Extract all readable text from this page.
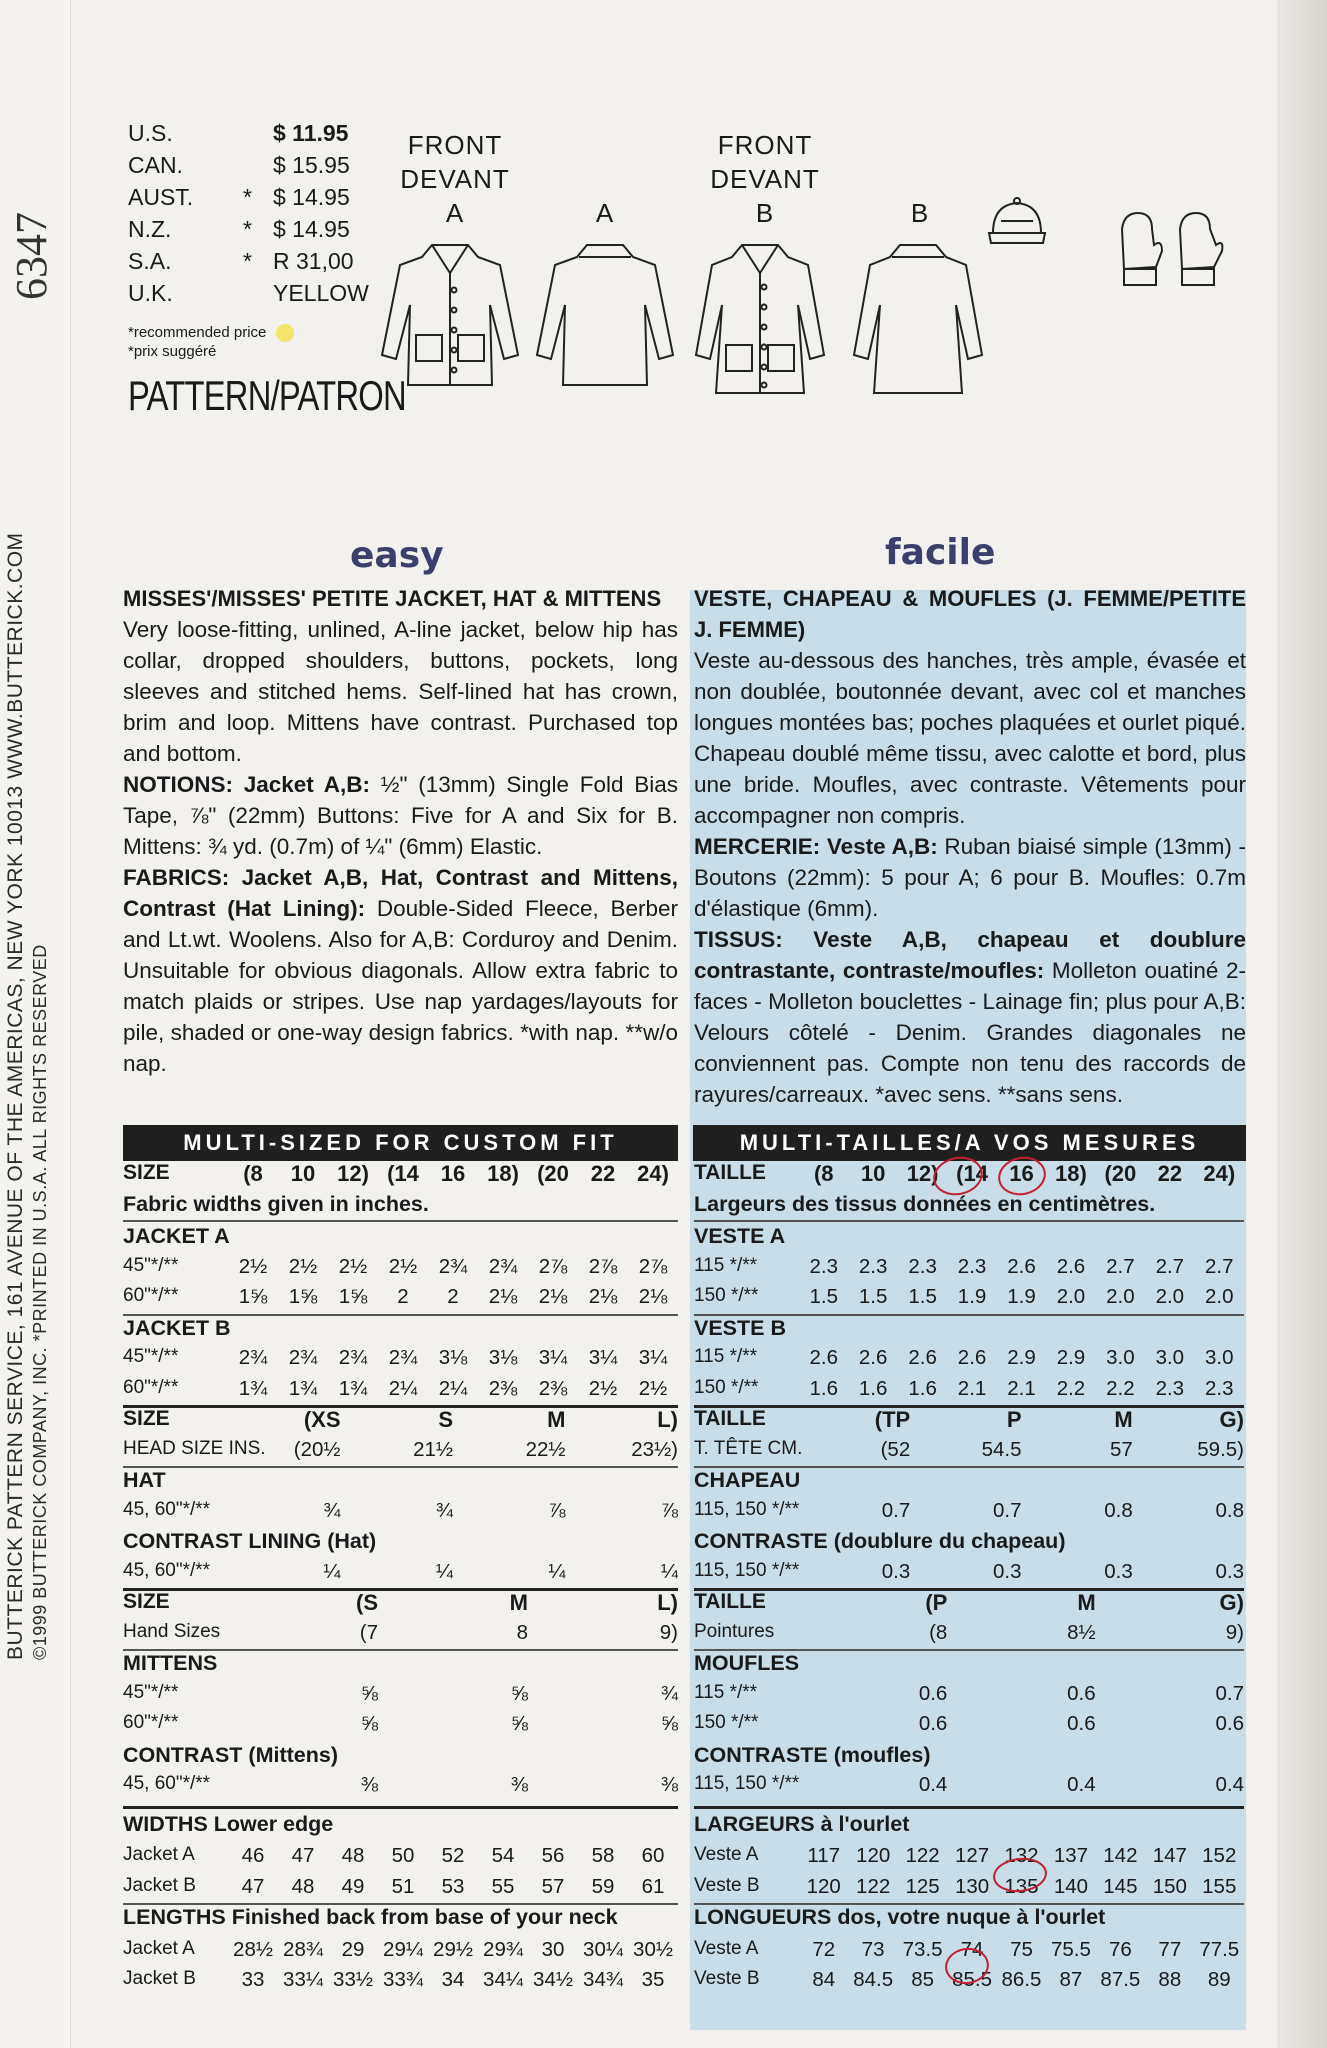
6347
BUTTERICK PATTERN SERVICE, 161 AVENUE OF THE AMERICAS, NEW YORK 10013 WWW.BUTTERICK.COM ©1999 BUTTERICK COMPANY, INC. *PRINTED IN U.S.A. ALL RIGHTS RESERVED
U.S.	$ 11.95
CAN.	$ 15.95
AUST.	* $ 14.95
N.Z.	* $ 14.95
S.A.	* R 31,00
U.K.	YELLOW
*recommended price
*prix suggéré
PATTERN/PATRON
FRONT
DEVANT
A	A
FRONT
DEVANT
B	B
easy	facile
MISSES'/MISSES' PETITE JACKET, HAT & MITTENS
Very loose-fitting, unlined, A-line jacket, below hip has collar, dropped shoulders, buttons, pockets, long sleeves and stitched hems. Self-lined hat has crown, brim and loop. Mittens have contrast. Purchased top and bottom.
NOTIONS: Jacket A,B: ½" (13mm) Single Fold Bias Tape, ⅞" (22mm) Buttons: Five for A and Six for B. Mittens: ¾ yd. (0.7m) of ¼" (6mm) Elastic.
FABRICS: Jacket A,B, Hat, Contrast and Mittens, Contrast (Hat Lining): Double-Sided Fleece, Berber and Lt.wt. Woolens. Also for A,B: Corduroy and Denim. Unsuitable for obvious diagonals. Allow extra fabric to match plaids or stripes. Use nap yardages/layouts for pile, shaded or one-way design fabrics. *with nap. **w/o nap.
VESTE, CHAPEAU & MOUFLES (J. FEMME/PETITE J. FEMME)
Veste au-dessous des hanches, très ample, évasée et non doublée, boutonnée devant, avec col et manches longues montées bas; poches plaquées et ourlet piqué. Chapeau doublé même tissu, avec calotte et bord, plus une bride. Moufles, avec contraste. Vêtements pour accompagner non compris.
MERCERIE: Veste A,B: Ruban biaisé simple (13mm) - Boutons (22mm): 5 pour A; 6 pour B. Moufles: 0.7m d'élastique (6mm).
TISSUS: Veste A,B, chapeau et doublure contrastante, contraste/moufles: Molleton ouatiné 2-faces - Molleton bouclettes - Lainage fin; plus pour A,B: Velours côtelé - Denim. Grandes diagonales ne conviennent pas. Compte non tenu des raccords de rayures/carreaux. *avec sens. **sans sens.
MULTI-SIZED FOR CUSTOM FIT	MULTI-TAILLES/A VOS MESURES
SIZE	(8	10 12) (14 16 18) (20 22 24)
Fabric widths given in inches.
JACKET A
45"*/**	2½	2½	2½	2½	2¾	2¾	2⅞	2⅞	2⅞
60"*/**	1⅝	1⅝	1⅝	2	2	2⅛	2⅛	2⅛	2⅛
JACKET B
45"*/**	2¾	2¾	2¾	2¾	3⅛	3⅛	3¼	3¼	3¼
60"*/**	1¾	1¾	1¾	2¼	2¼	2⅜	2⅜	2½	2½
SIZE	(XS	S	M	L)
HEAD SIZE INS.	(20½	21½	22½	23½)
HAT
45, 60"*/**	¾	¾	⅞	⅞
CONTRAST LINING (Hat)
45, 60"*/**	¼	¼	¼	¼
SIZE	(S	M	L)
Hand Sizes	(7	8	9)
MITTENS
45"*/**	⅝	⅝	¾
60"*/**	⅝	⅝	⅝
CONTRAST (Mittens)
45, 60"*/**	⅜	⅜	⅜
WIDTHS Lower edge
Jacket A	46	47	48	50	52	54	56	58	60
Jacket B	47	48	49	51	53	55	57	59	61
LENGTHS Finished back from base of your neck
Jacket A 28½ 28¾ 29 29¼ 29½ 29¾ 30 30¼ 30½
Jacket B	33 33¼ 33½ 33¾ 34 34¼ 34½ 34¾ 35
TAILLE	(8	10 12) (14 16 18) (20 22 24)
Largeurs des tissus données en centimètres.
VESTE A
115 */**	2.3	2.3	2.3	2.3	2.6	2.6	2.7	2.7	2.7
150 */**	1.5	1.5	1.5	1.9	1.9	2.0	2.0	2.0	2.0
VESTE B
115 */**	2.6	2.6	2.6	2.6	2.9	2.9	3.0	3.0	3.0
150 */**	1.6	1.6	1.6	2.1	2.1	2.2	2.2	2.3	2.3
TAILLE	(TP	P	M	G)
T. TÊTE CM.	(52	54.5	57	59.5)
CHAPEAU
115, 150 */**	0.7	0.7	0.8	0.8
CONTRASTE (doublure du chapeau)
115, 150 */**	0.3	0.3	0.3	0.3
TAILLE	(P	M	G)
Pointures	(8	8½	9)
MOUFLES
115 */**	0.6	0.6	0.7
150 */**	0.6	0.6	0.6
CONTRASTE (moufles)
115, 150 */**	0.4	0.4	0.4
LARGEURS à l'ourlet
Veste A	117 120 122 127 132 137 142 147 152
Veste B	120 122 125 130 135 140 145 150 155
LONGUEURS dos, votre nuque à l'ourlet
Veste A	72	73 73.5 74	75 75.5 76	77 77.5
Veste B	84 84.5 85 85.5 86.5 87 87.5 88	89
